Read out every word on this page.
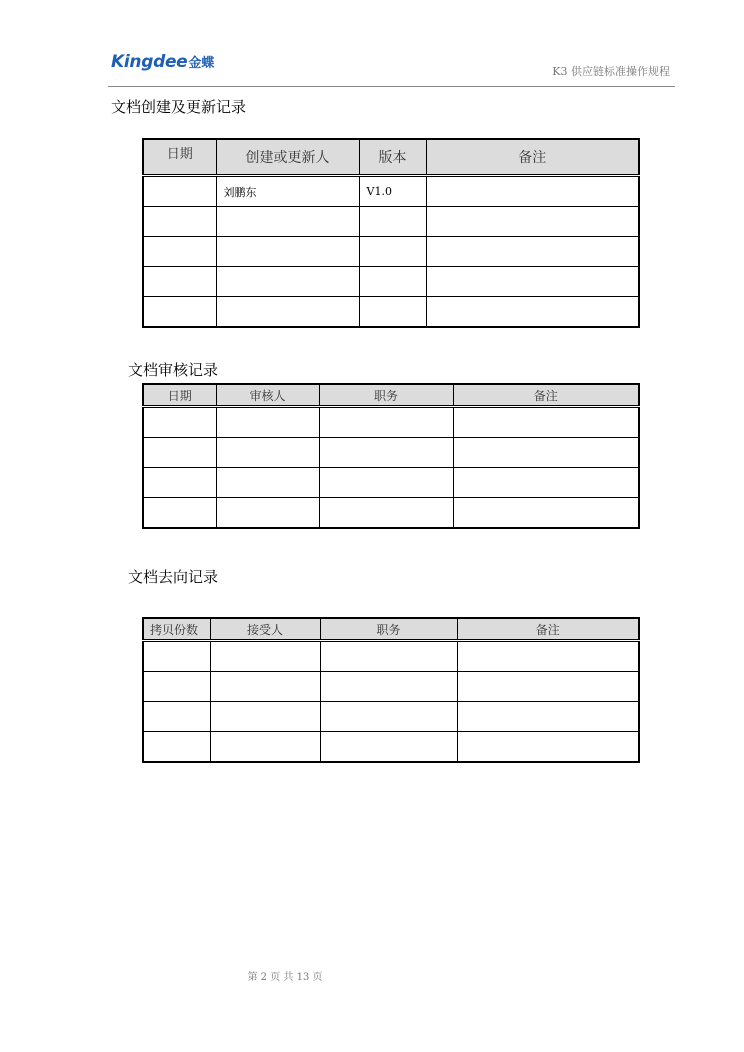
Kingdee 金蝶
K3 供应链标准操作规程
文档创建及更新记录
日期	创建或更新人	版本	备注
	刘鹏东	V1.0	

文档审核记录
日期	审核人	职务	备注

文档去向记录
拷贝份数	接受人	职务	备注

第 2 页 共 13 页
